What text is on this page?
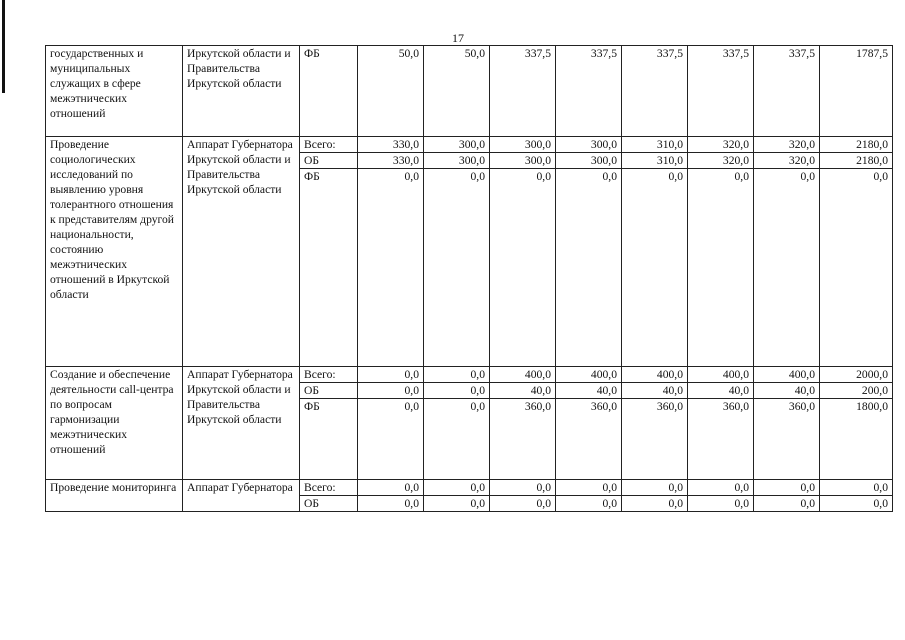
17
государственных и муниципальных служащих в сфере межэтнических отношений	Иркутской области и Правительства Иркутской области	ФБ	50,0	50,0	337,5	337,5	337,5	337,5	337,5	1787,5

Проведение социологических исследований по выявлению уровня толерантного отношения к представителям другой национальности, состоянию межэтнических отношений в Иркутской области	Аппарат Губернатора Иркутской области и Правительства Иркутской области	Всего:	330,0	300,0	300,0	300,0	310,0	320,0	320,0	2180,0
		ОБ	330,0	300,0	300,0	300,0	310,0	320,0	320,0	2180,0
		ФБ	0,0	0,0	0,0	0,0	0,0	0,0	0,0	0,0

Создание и обеспечение деятельности call-центра по вопросам гармонизации межэтнических отношений	Аппарат Губернатора Иркутской области и Правительства Иркутской области	Всего:	0,0	0,0	400,0	400,0	400,0	400,0	400,0	2000,0
		ОБ	0,0	0,0	40,0	40,0	40,0	40,0	40,0	200,0
		ФБ	0,0	0,0	360,0	360,0	360,0	360,0	360,0	1800,0

Проведение мониторинга	Аппарат Губернатора	Всего:	0,0	0,0	0,0	0,0	0,0	0,0	0,0	0,0
		ОБ	0,0	0,0	0,0	0,0	0,0	0,0	0,0	0,0
